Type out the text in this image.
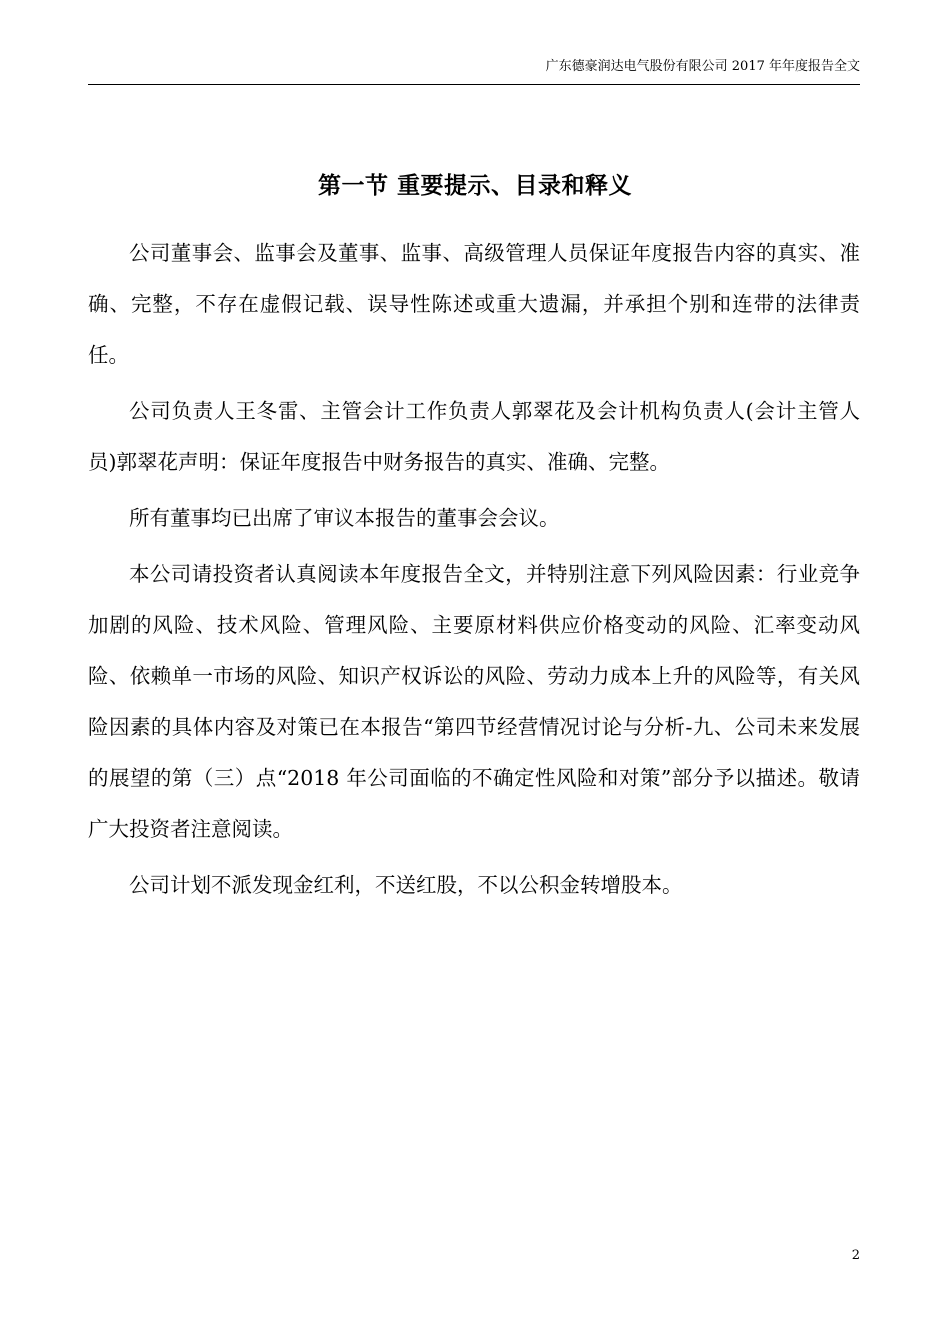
广东德豪润达电气股份有限公司 2017 年年度报告全文
第一节 重要提示、目录和释义

公司董事会、监事会及董事、监事、高级管理人员保证年度报告内容的真实、准确、完整，不存在虚假记载、误导性陈述或重大遗漏，并承担个别和连带的法律责任。

公司负责人王冬雷、主管会计工作负责人郭翠花及会计机构负责人(会计主管人员)郭翠花声明：保证年度报告中财务报告的真实、准确、完整。

所有董事均已出席了审议本报告的董事会会议。

本公司请投资者认真阅读本年度报告全文，并特别注意下列风险因素：行业竞争加剧的风险、技术风险、管理风险、主要原材料供应价格变动的风险、汇率变动风险、依赖单一市场的风险、知识产权诉讼的风险、劳动力成本上升的风险等，有关风险因素的具体内容及对策已在本报告“第四节经营情况讨论与分析-九、公司未来发展的展望的第（三）点“2018 年公司面临的不确定性风险和对策”部分予以描述。敬请广大投资者注意阅读。

公司计划不派发现金红利，不送红股，不以公积金转增股本。

2
